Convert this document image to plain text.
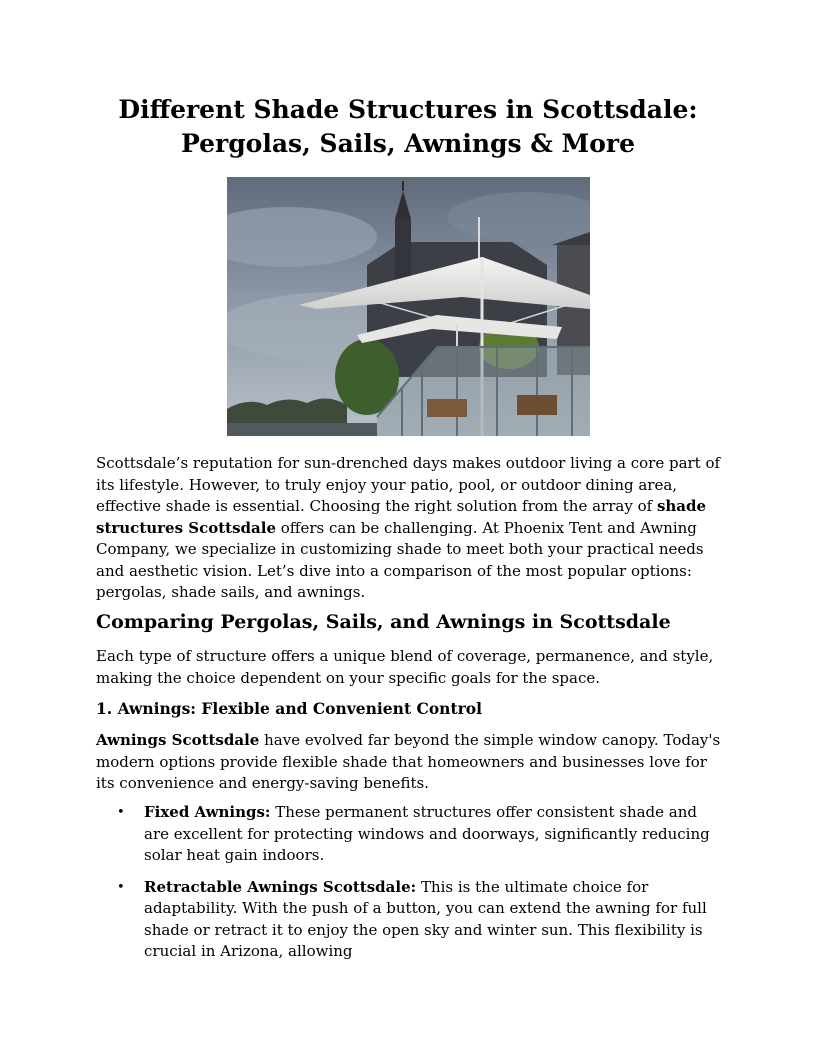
Different Shade Structures in Scottsdale:
Pergolas, Sails, Awnings & More

Scottsdale’s reputation for sun-drenched days makes outdoor living a core part of its lifestyle. However, to truly enjoy your patio, pool, or outdoor dining area, effective shade is essential. Choosing the right solution from the array of shade structures Scottsdale offers can be challenging. At Phoenix Tent and Awning Company, we specialize in customizing shade to meet both your practical needs and aesthetic vision. Let’s dive into a comparison of the most popular options: pergolas, shade sails, and awnings.

Comparing Pergolas, Sails, and Awnings in Scottsdale

Each type of structure offers a unique blend of coverage, permanence, and style, making the choice dependent on your specific goals for the space.

1. Awnings: Flexible and Convenient Control

Awnings Scottsdale have evolved far beyond the simple window canopy. Today's modern options provide flexible shade that homeowners and businesses love for its convenience and energy-saving benefits.

• Fixed Awnings: These permanent structures offer consistent shade and are excellent for protecting windows and doorways, significantly reducing solar heat gain indoors.
• Retractable Awnings Scottsdale: This is the ultimate choice for adaptability. With the push of a button, you can extend the awning for full shade or retract it to enjoy the open sky and winter sun. This flexibility is crucial in Arizona, allowing
